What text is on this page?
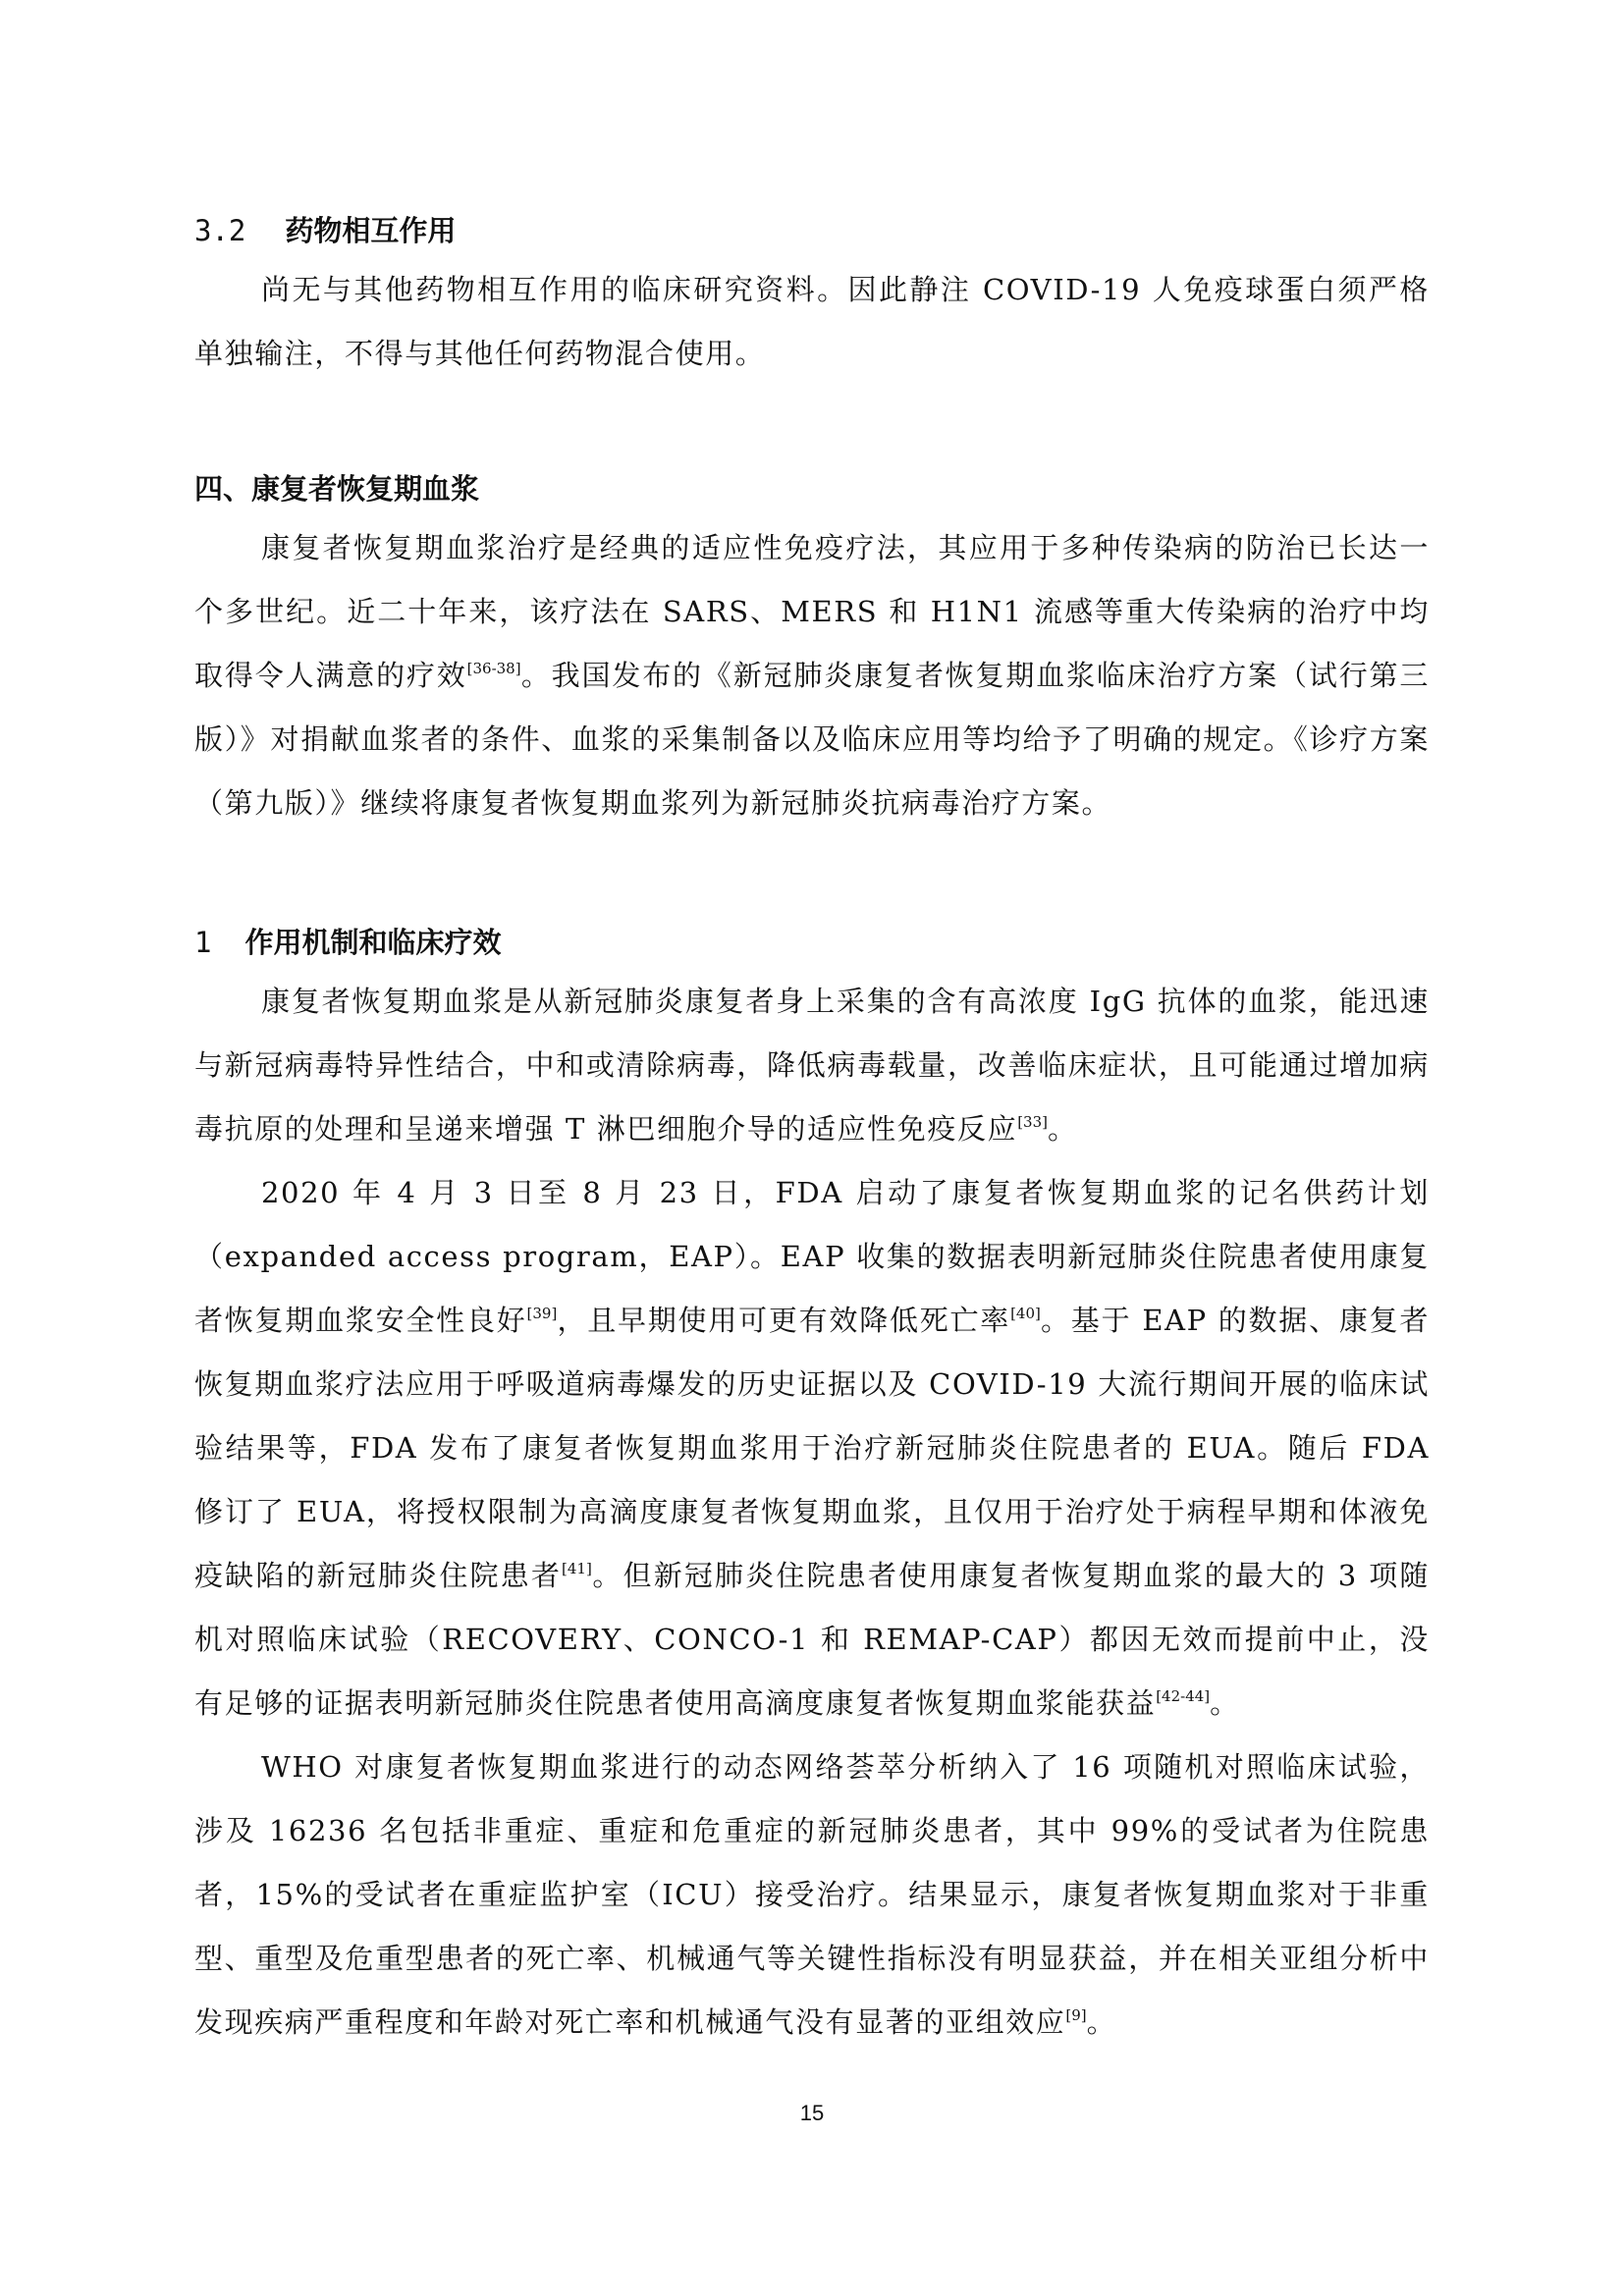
3.2 药物相互作用

尚无与其他药物相互作用的临床研究资料。因此静注 COVID-19 人免疫球蛋白须严格单独输注，不得与其他任何药物混合使用。

四、康复者恢复期血浆

康复者恢复期血浆治疗是经典的适应性免疫疗法，其应用于多种传染病的防治已长达一个多世纪。近二十年来，该疗法在 SARS、MERS 和 H1N1 流感等重大传染病的治疗中均取得令人满意的疗效[36-38]。我国发布的《新冠肺炎康复者恢复期血浆临床治疗方案（试行第三版）》对捐献血浆者的条件、血浆的采集制备以及临床应用等均给予了明确的规定。《诊疗方案（第九版）》继续将康复者恢复期血浆列为新冠肺炎抗病毒治疗方案。

1 作用机制和临床疗效

康复者恢复期血浆是从新冠肺炎康复者身上采集的含有高浓度 IgG 抗体的血浆，能迅速与新冠病毒特异性结合，中和或清除病毒，降低病毒载量，改善临床症状，且可能通过增加病毒抗原的处理和呈递来增强 T 淋巴细胞介导的适应性免疫反应[33]。

2020 年 4 月 3 日至 8 月 23 日，FDA 启动了康复者恢复期血浆的记名供药计划（expanded access program，EAP）。EAP 收集的数据表明新冠肺炎住院患者使用康复者恢复期血浆安全性良好[39]，且早期使用可更有效降低死亡率[40]。基于 EAP 的数据、康复者恢复期血浆疗法应用于呼吸道病毒爆发的历史证据以及 COVID-19 大流行期间开展的临床试验结果等，FDA 发布了康复者恢复期血浆用于治疗新冠肺炎住院患者的 EUA。随后 FDA 修订了 EUA，将授权限制为高滴度康复者恢复期血浆，且仅用于治疗处于病程早期和体液免疫缺陷的新冠肺炎住院患者[41]。但新冠肺炎住院患者使用康复者恢复期血浆的最大的 3 项随机对照临床试验（RECOVERY、CONCO-1 和 REMAP-CAP）都因无效而提前中止，没有足够的证据表明新冠肺炎住院患者使用高滴度康复者恢复期血浆能获益[42-44]。

WHO 对康复者恢复期血浆进行的动态网络荟萃分析纳入了 16 项随机对照临床试验，涉及 16236 名包括非重症、重症和危重症的新冠肺炎患者，其中 99%的受试者为住院患者，15%的受试者在重症监护室（ICU）接受治疗。结果显示，康复者恢复期血浆对于非重型、重型及危重型患者的死亡率、机械通气等关键性指标没有明显获益，并在相关亚组分析中发现疾病严重程度和年龄对死亡率和机械通气没有显著的亚组效应[9]。

15
